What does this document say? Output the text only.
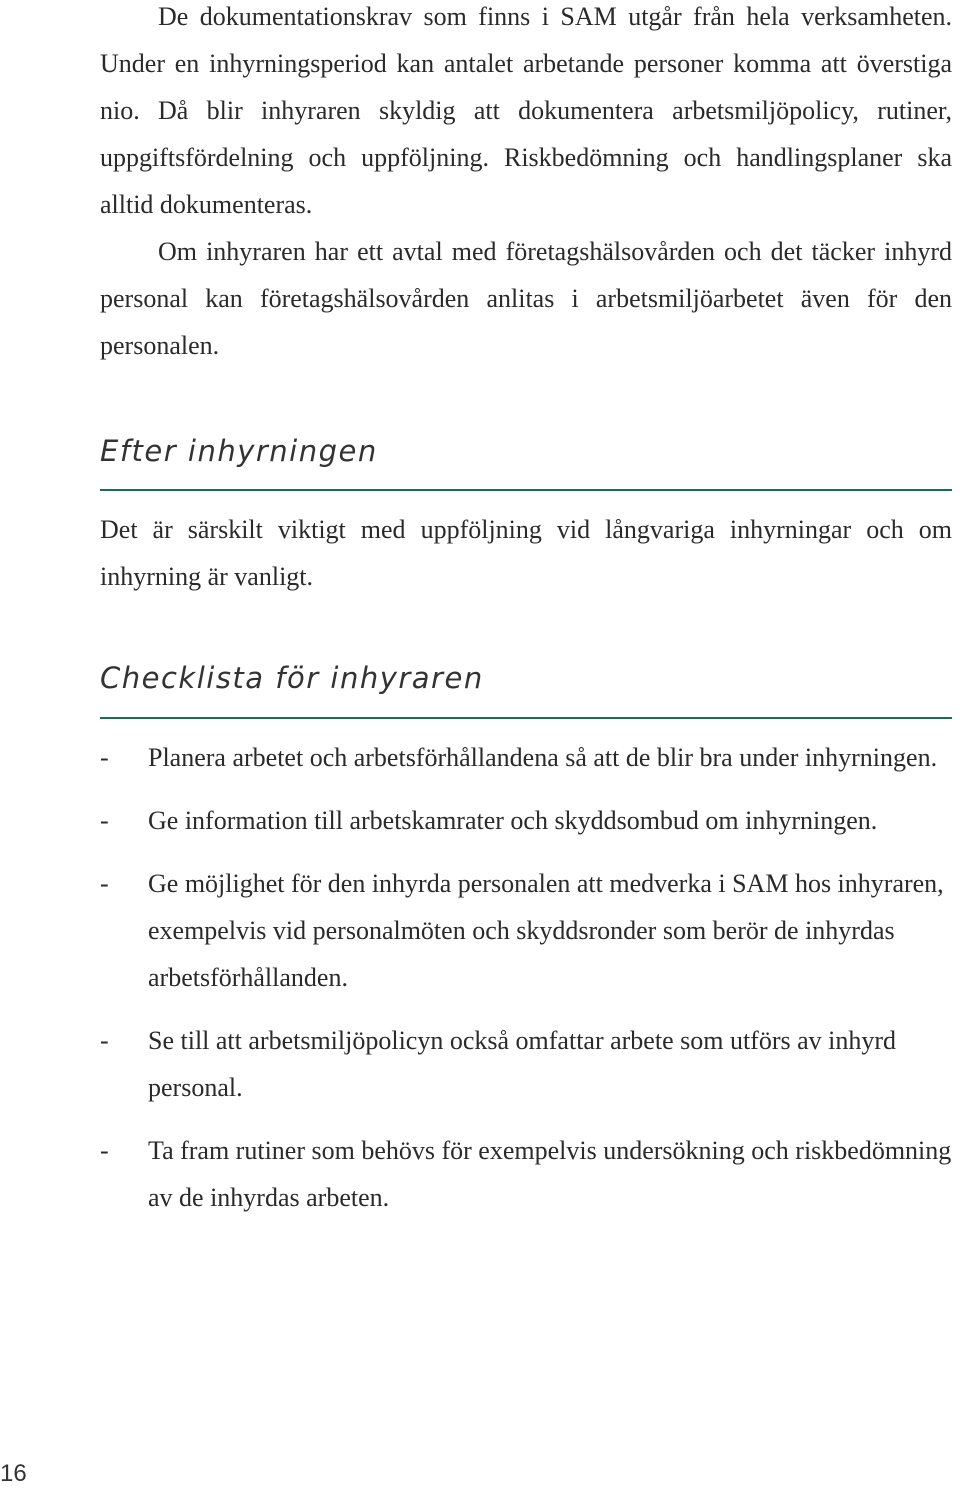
De dokumentationskrav som finns i SAM utgår från hela verksamheten. Under en inhyrningsperiod kan antalet arbetande personer komma att överstiga nio. Då blir inhyraren skyldig att dokumentera arbetsmiljöpolicy, rutiner, uppgiftsfördelning och uppföljning. Riskbedömning och handlingsplaner ska alltid dokumenteras.

Om inhyraren har ett avtal med företagshälsovården och det täcker inhyrd personal kan företagshälsovården anlitas i arbetsmiljöarbetet även för den personalen.

Efter inhyrningen

Det är särskilt viktigt med uppföljning vid långvariga inhyrningar och om inhyrning är vanligt.

Checklista för inhyraren
- Planera arbetet och arbetsförhållandena så att de blir bra under inhyrningen.
- Ge information till arbetskamrater och skyddsombud om inhyrningen.
- Ge möjlighet för den inhyrda personalen att medverka i SAM hos inhyraren, exempelvis vid personalmöten och skyddsronder som berör de inhyrdas arbetsförhållanden.
- Se till att arbetsmiljöpolicyn också omfattar arbete som utförs av inhyrd personal.
- Ta fram rutiner som behövs för exempelvis undersökning och riskbedömning av de inhyrdas arbeten.
16
